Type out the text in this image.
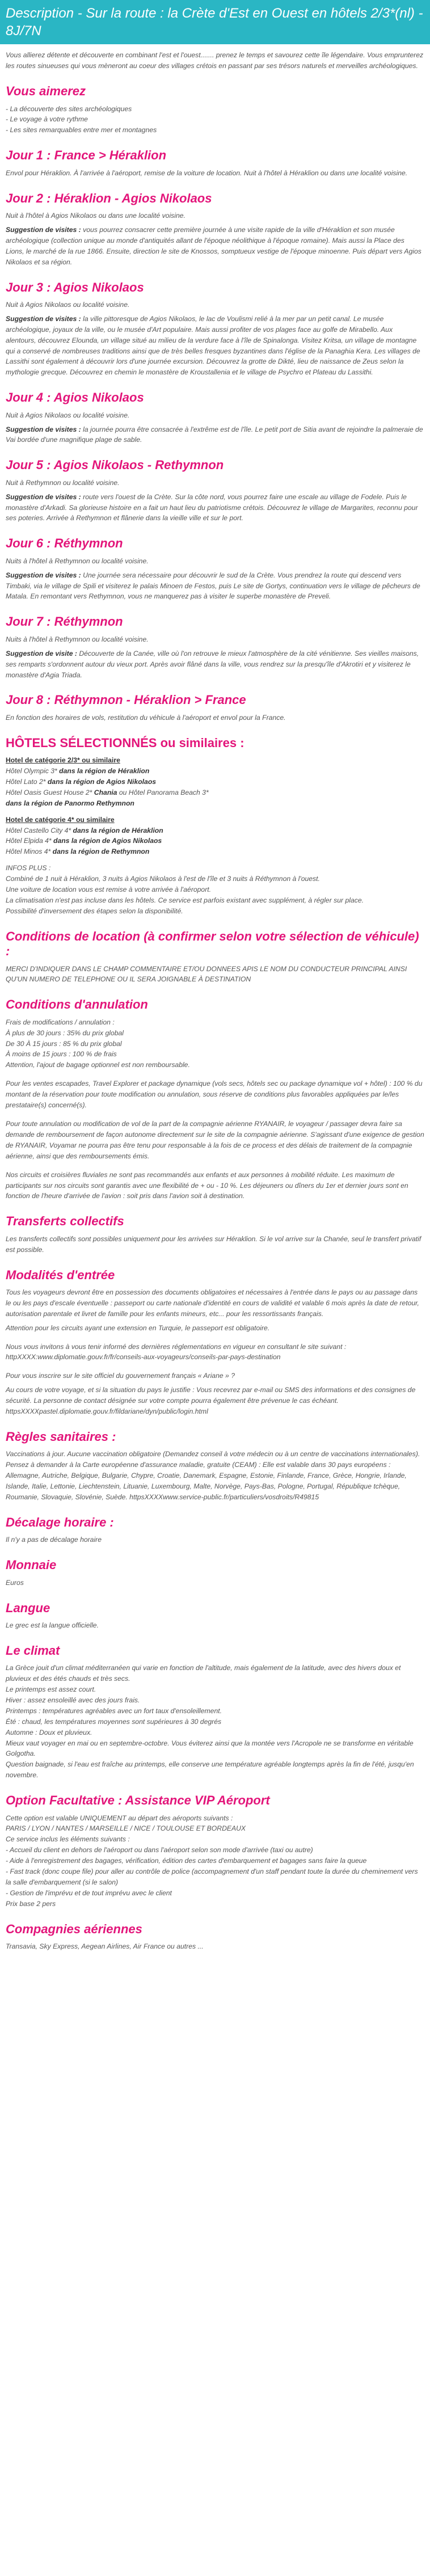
Description - Sur la route : la Crète d'Est en Ouest en hôtels 2/3*(nl) - 8J/7N

Vous allierez détente et découverte en combinant l'est et l'ouest....... prenez le temps et savourez cette île légendaire. Vous emprunterez les routes sinueuses qui vous mèneront au coeur des villages crétois en passant par ses trésors naturels et merveilles archéologiques.

Vous aimerez
- La découverte des sites archéologiques
- Le voyage à votre rythme
- Les sites remarquables entre mer et montagnes
Jour 1 : France > Héraklion

Envol pour Héraklion. À l'arrivée à l'aéroport, remise de la voiture de location. Nuit à l'hôtel à Héraklion ou dans une localité voisine.

Jour 2 : Héraklion - Agios Nikolaos

Nuit à l'hôtel à Agios Nikolaos ou dans une localité voisine.

Suggestion de visites : vous pourrez consacrer cette première journée à une visite rapide de la ville d'Héraklion et son musée archéologique (collection unique au monde d'antiquités allant de l'époque néolithique à l'époque romaine). Mais aussi la Place des Lions, le marché de la rue 1866. Ensuite, direction le site de Knossos, somptueux vestige de l'époque minoenne. Puis départ vers Agios Nikolaos et sa région.

Jour 3 : Agios Nikolaos

Nuit à Agios Nikolaos ou localité voisine.

Suggestion de visites : la ville pittoresque de Agios Nikolaos, le lac de Voulismi relié à la mer par un petit canal. Le musée archéologique, joyaux de la ville, ou le musée d'Art populaire. Mais aussi profiter de vos plages face au golfe de Mirabello. Aux alentours, découvrez Elounda, un village situé au milieu de la verdure face à l'île de Spinalonga. Visitez Kritsa, un village de montagne qui a conservé de nombreuses traditions ainsi que de très belles fresques byzantines dans l'église de la Panaghia Kera. Les villages de Lassithi sont également à découvrir lors d'une journée excursion. Découvrez la grotte de Dikté, lieu de naissance de Zeus selon la mythologie grecque. Découvrez en chemin le monastère de Kroustallenia et le village de Psychro et Plateau du Lassithi.

Jour 4 : Agios Nikolaos

Nuit à Agios Nikolaos ou localité voisine.

Suggestion de visites : la journée pourra être consacrée à l'extrême est de l'île. Le petit port de Sitia avant de rejoindre la palmeraie de Vai bordée d'une magnifique plage de sable.

Jour 5 : Agios Nikolaos - Rethymnon

Nuit à Rethymnon ou localité voisine.

Suggestion de visites : route vers l'ouest de la Crète. Sur la côte nord, vous pourrez faire une escale au village de Fodele. Puis le monastère d'Arkadi. Sa glorieuse histoire en a fait un haut lieu du patriotisme crétois. Découvrez le village de Margarites, reconnu pour ses poteries. Arrivée à Rethymnon et flânerie dans la vieille ville et sur le port.

Jour 6 : Réthymnon

Nuits à l'hôtel à Rethymnon ou localité voisine.

Suggestion de visites : Une journée sera nécessaire pour découvrir le sud de la Crète. Vous prendrez la route qui descend vers Timbaki, via le village de Spili et visiterez le palais Minoen de Festos, puis Le site de Gortys, continuation vers le village de pêcheurs de Matala. En remontant vers Rethymnon, vous ne manquerez pas à visiter le superbe monastère de Preveli.

Jour 7 : Réthymnon

Nuits à l'hôtel à Rethymnon ou localité voisine.

Suggestion de visite : Découverte de la Canée, ville où l'on retrouve le mieux l'atmosphère de la cité vénitienne. Ses vieilles maisons, ses remparts s'ordonnent autour du vieux port. Après avoir flâné dans la ville, vous rendrez sur la presqu'île d'Akrotiri et y visiterez le monastère d'Agia Triada.

Jour 8 : Réthymnon - Héraklion > France

En fonction des horaires de vols, restitution du véhicule à l'aéroport et envol pour la France.

HÔTELS SÉLECTIONNÉS ou similaires :
Hotel de catégorie 2/3* ou similaire
Hôtel Olympic 3* dans la région de Héraklion
Hôtel Lato 2* dans la région de Agios Nikolaos
Hôtel Oasis Guest House 2* Chania ou Hôtel Panorama Beach 3*
dans la région de Panormo Rethymnon
Hotel de catégorie 4* ou similaire
Hôtel Castello City 4* dans la région de Héraklion
Hôtel Elpida 4* dans la région de Agios Nikolaos
Hôtel Minos 4* dans la région de Rethymnon
INFOS PLUS :
Combiné de 1 nuit à Héraklion, 3 nuits à Agios Nikolaos à l'est de l'île et 3 nuits à Réthymnon à l'ouest.
Une voiture de location vous est remise à votre arrivée à l'aéroport.
La climatisation n'est pas incluse dans les hôtels. Ce service est parfois existant avec supplément, à régler sur place.
Possibilité d'inversement des étapes selon la disponibilité.
Conditions de location (à confirmer selon votre sélection de véhicule) :

MERCI D'INDIQUER DANS LE CHAMP COMMENTAIRE ET/OU DONNEES APIS LE NOM DU CONDUCTEUR PRINCIPAL AINSI QU'UN NUMERO DE TELEPHONE OU IL SERA JOIGNABLE À DESTINATION

Conditions d'annulation
Frais de modifications / annulation :
À plus de 30 jours : 35% du prix global
De 30 À 15 jours : 85 % du prix global
À moins de 15 jours : 100 % de frais
Attention, l'ajout de bagage optionnel est non remboursable.

Pour les ventes escapades, Travel Explorer et package dynamique (vols secs, hôtels sec ou package dynamique vol + hôtel) : 100 % du montant de la réservation pour toute modification ou annulation, sous réserve de conditions plus favorables appliquées par le/les prestataire(s) concerné(s).

Pour toute annulation ou modification de vol de la part de la compagnie aérienne RYANAIR, le voyageur / passager devra faire sa demande de remboursement de façon autonome directement sur le site de la compagnie aérienne. S'agissant d'une exigence de gestion de RYANAIR, Voyamar ne pourra pas être tenu pour responsable à la fois de ce process et des délais de traitement de la compagnie aérienne, ainsi que des remboursements émis.

Nos circuits et croisières fluviales ne sont pas recommandés aux enfants et aux personnes à mobilité réduite. Les maximum de participants sur nos circuits sont garantis avec une flexibilité de + ou - 10 %. Les déjeuners ou dîners du 1er et dernier jours sont en fonction de l'heure d'arrivée de l'avion : soit pris dans l'avion soit à destination.

Transferts collectifs

Les transferts collectifs sont possibles uniquement pour les arrivées sur Héraklion. Si le vol arrive sur la Chanée, seul le transfert privatif est possible.

Modalités d'entrée

Tous les voyageurs devront être en possession des documents obligatoires et nécessaires à l'entrée dans le pays ou au passage dans le ou les pays d'escale éventuelle : passeport ou carte nationale d'identité en cours de validité et valable 6 mois après la date de retour, autorisation parentale et livret de famille pour les enfants mineurs, etc... pour les ressortissants français.

Attention pour les circuits ayant une extension en Turquie, le passeport est obligatoire.

Nous vous invitons à vous tenir informé des dernières réglementations en vigueur en consultant le site suivant : httpXXXX:www.diplomatie.gouv.fr/fr/conseils-aux-voyageurs/conseils-par-pays-destination

Pour vous inscrire sur le site officiel du gouvernement français « Ariane » ?

Au cours de votre voyage, et si la situation du pays le justifie : Vous recevrez par e-mail ou SMS des informations et des consignes de sécurité. La personne de contact désignée sur votre compte pourra également être prévenue le cas échéant. httpsXXXXpastel.diplomatie.gouv.fr/fildariane/dyn/public/login.html

Règles sanitaires :

Vaccinations à jour. Aucune vaccination obligatoire (Demandez conseil à votre médecin ou à un centre de vaccinations internationales). Pensez à demander à la Carte européenne d'assurance maladie, gratuite (CEAM) : Elle est valable dans 30 pays européens : Allemagne, Autriche, Belgique, Bulgarie, Chypre, Croatie, Danemark, Espagne, Estonie, Finlande, France, Grèce, Hongrie, Irlande, Islande, Italie, Lettonie, Liechtenstein, Lituanie, Luxembourg, Malte, Norvège, Pays-Bas, Pologne, Portugal, République tchèque, Roumanie, Slovaquie, Slovénie, Suède. httpsXXXXwww.service-public.fr/particuliers/vosdroits/R49815

Décalage horaire :

Il n'y a pas de décalage horaire

Monnaie

Euros

Langue

Le grec est la langue officielle.

Le climat
La Grèce jouit d'un climat méditerranéen qui varie en fonction de l'altitude, mais également de la latitude, avec des hivers doux et pluvieux et des étés chauds et très secs.
Le printemps est assez court.
Hiver : assez ensoleillé avec des jours frais.
Printemps : températures agréables avec un fort taux d'ensoleillement.
Été : chaud, les températures moyennes sont supérieures à 30 degrés
Automne : Doux et pluvieux.
Mieux vaut voyager en mai ou en septembre-octobre. Vous éviterez ainsi que la montée vers l'Acropole ne se transforme en véritable Golgotha.
Question baignade, si l'eau est fraîche au printemps, elle conserve une température agréable longtemps après la fin de l'été, jusqu'en novembre.
Option Facultative : Assistance VIP Aéroport
Cette option est valable UNIQUEMENT au départ des aéroports suivants :
PARIS / LYON / NANTES / MARSEILLE / NICE / TOULOUSE ET BORDEAUX
Ce service inclus les éléments suivants :
- Accueil du client en dehors de l'aéroport ou dans l'aéroport selon son mode d'arrivée (taxi ou autre)
- Aide à l'enregistrement des bagages, vérification, édition des cartes d'embarquement et bagages sans faire la queue
- Fast track (donc coupe file) pour aller au contrôle de police (accompagnement d'un staff pendant toute la durée du cheminement vers la salle d'embarquement (si le salon)
- Gestion de l'imprévu et de tout imprévu avec le client
Prix base 2 pers
Compagnies aériennes

Transavia, Sky Express, Aegean Airlines, Air France ou autres ...
